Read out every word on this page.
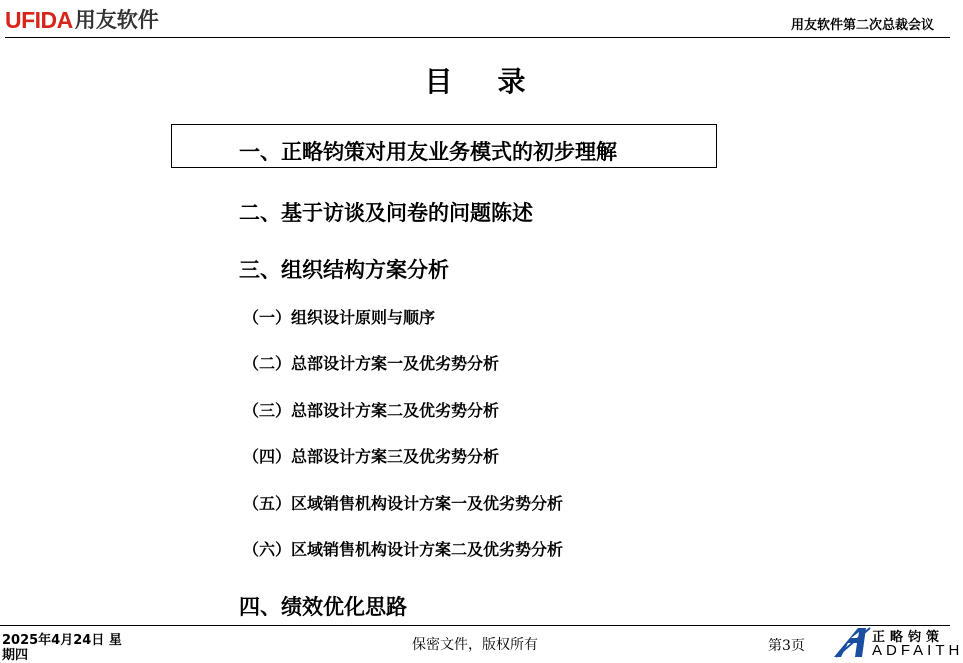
UFIDA用友软件	用友软件第二次总裁会议
目录
一、正略钧策对用友业务模式的初步理解
二、基于访谈及问卷的问题陈述
三、组织结构方案分析
（一）组织设计原则与顺序
（二）总部设计方案一及优劣势分析
（三）总部设计方案二及优劣势分析
（四）总部设计方案三及优劣势分析
（五）区域销售机构设计方案一及优劣势分析
（六）区域销售机构设计方案二及优劣势分析
四、绩效优化思路
2025年4月24日 星期四
保密文件，版权所有	第3页
正略钧策
ADFAITH
